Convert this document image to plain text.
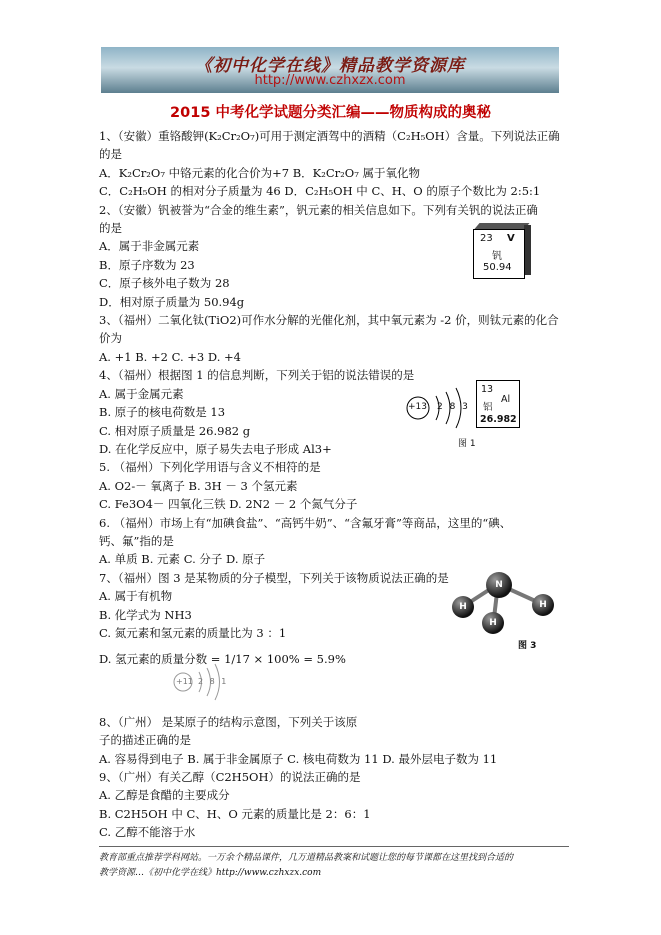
《初中化学在线》精品教学资源库
http://www.czhxzx.com
2015 中考化学试题分类汇编——物质构成的奥秘

1、（安徽）重铬酸钾(K₂Cr₂O₇)可用于测定酒驾中的酒精（C₂H₅OH）含量。下列说法正确

的是

A．K₂Cr₂O₇ 中铬元素的化合价为+7 B．K₂Cr₂O₇ 属于氧化物

C．C₂H₅OH 的相对分子质量为 46 D．C₂H₅OH 中 C、H、O 的原子个数比为 2:5:1

2、（安徽）钒被誉为“合金的维生素”，钒元素的相关信息如下。下列有关钒的说法正确

的是

A．属于非金属元素

B．原子序数为 23

C．原子核外电子数为 28

D．相对原子质量为 50.94g

3、（福州）二氧化钛(TiO2)可作水分解的光催化剂，其中氧元素为 -2 价，则钛元素的化合

价为

A. +1 B. +2 C. +3 D. +4

4、（福州）根据图 1 的信息判断，下列关于铝的说法错误的是

A. 属于金属元素

B. 原子的核电荷数是 13

C. 相对原子质量是 26.982 g

D. 在化学反应中，原子易失去电子形成 Al3+

5. （福州）下列化学用语与含义不相符的是

A. O2-－ 氧离子 B. 3H － 3 个氢元素

C. Fe3O4－ 四氧化三铁 D. 2N2 － 2 个氮气分子

6. （福州）市场上有“加碘食盐”、“高钙牛奶”、“含氟牙膏”等商品，这里的“碘、

钙、氟”指的是

A. 单质 B. 元素 C. 分子 D. 原子

7、（福州）图 3 是某物质的分子模型，下列关于该物质说法正确的是

A. 属于有机物

B. 化学式为 NH3

C. 氮元素和氢元素的质量比为 3 ：1

D. 氢元素的质量分数 = 1/17 × 100% = 5.9%

8、（广州） 是某原子的结构示意图，下列关于该原

子的描述正确的是

A. 容易得到电子 B. 属于非金属原子 C. 核电荷数为 11 D. 最外层电子数为 11

9、（广州）有关乙醇（C2H5OH）的说法正确的是

A. 乙醇是食醋的主要成分

B. C2H5OH 中 C、H、O 元素的质量比是 2：6：1

C. 乙醇不能溶于水

23 V
钒
50.94
+13 2 8 3
13
Al
铝
26.982
图 1
N
H	H
H
图 3
+11 2 8 1
教育部重点推荐学科网站。一万余个精品课件，几万道精品教案和试题让您的每节课都在这里找到合适的
教学资源…《初中化学在线》http://www.czhxzx.com
